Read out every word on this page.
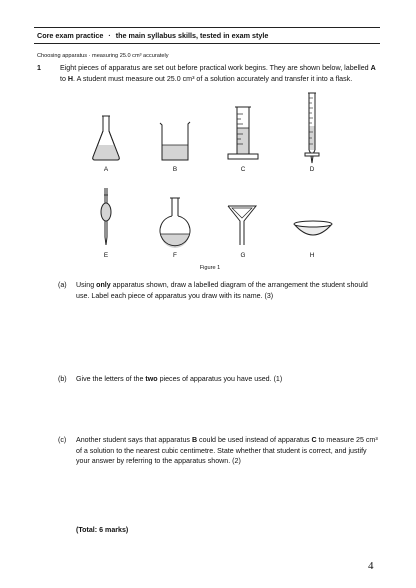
Core exam practice · the main syllabus skills, tested in exam style
Choosing apparatus · measuring 25.0 cm³ accurately
1	Eight pieces of apparatus are set out before practical work begins. They are shown below, labelled A to H. A student must measure out 25.0 cm³ of a solution accurately and transfer it into a flask.
A	B	C	D
E	F	G	H
Figure 1
(a) Using only apparatus shown, draw a labelled diagram of the arrangement the student should
use. Label each piece of apparatus you draw with its name. (3)
(b) Give the letters of the two pieces of apparatus you have used. (1)
(c) Another student says that apparatus B could be used instead of apparatus C to measure 25 cm³
of a solution to the nearest cubic centimetre. State whether that student is correct, and justify
your answer by referring to the apparatus shown. (2)
(Total: 6 marks)
4
